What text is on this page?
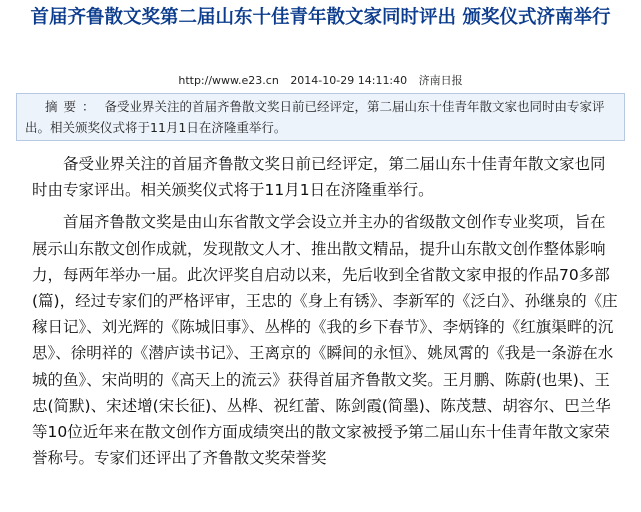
首届齐鲁散文奖第二届山东十佳青年散文家同时评出 颁奖仪式济南举行
http://www.e23.cn 2014-10-29 14:11:40 济南日报
摘要： 备受业界关注的首届齐鲁散文奖日前已经评定，第二届山东十佳青年散文家也同时由专家评出。相关颁奖仪式将于11月1日在济隆重举行。

备受业界关注的首届齐鲁散文奖日前已经评定，第二届山东十佳青年散文家也同时由专家评出。相关颁奖仪式将于11月1日在济隆重举行。

首届齐鲁散文奖是由山东省散文学会设立并主办的省级散文创作专业奖项，旨在展示山东散文创作成就，发现散文人才、推出散文精品，提升山东散文创作整体影响力，每两年举办一届。此次评奖自启动以来，先后收到全省散文家申报的作品70多部(篇)，经过专家们的严格评审，王忠的《身上有锈》、李新军的《泛白》、孙继泉的《庄稼日记》、刘光辉的《陈城旧事》、丛桦的《我的乡下春节》、李炳锋的《红旗渠畔的沉思》、徐明祥的《潜庐读书记》、王离京的《瞬间的永恒》、姚凤霄的《我是一条游在水城的鱼》、宋尚明的《高天上的流云》获得首届齐鲁散文奖。王月鹏、陈蔚(也果)、王忠(简默)、宋述增(宋长征)、丛桦、祝红蕾、陈剑霞(简墨)、陈茂慧、胡容尔、巴兰华等10位近年来在散文创作方面成绩突出的散文家被授予第二届山东十佳青年散文家荣誉称号。专家们还评出了齐鲁散文奖荣誉奖
